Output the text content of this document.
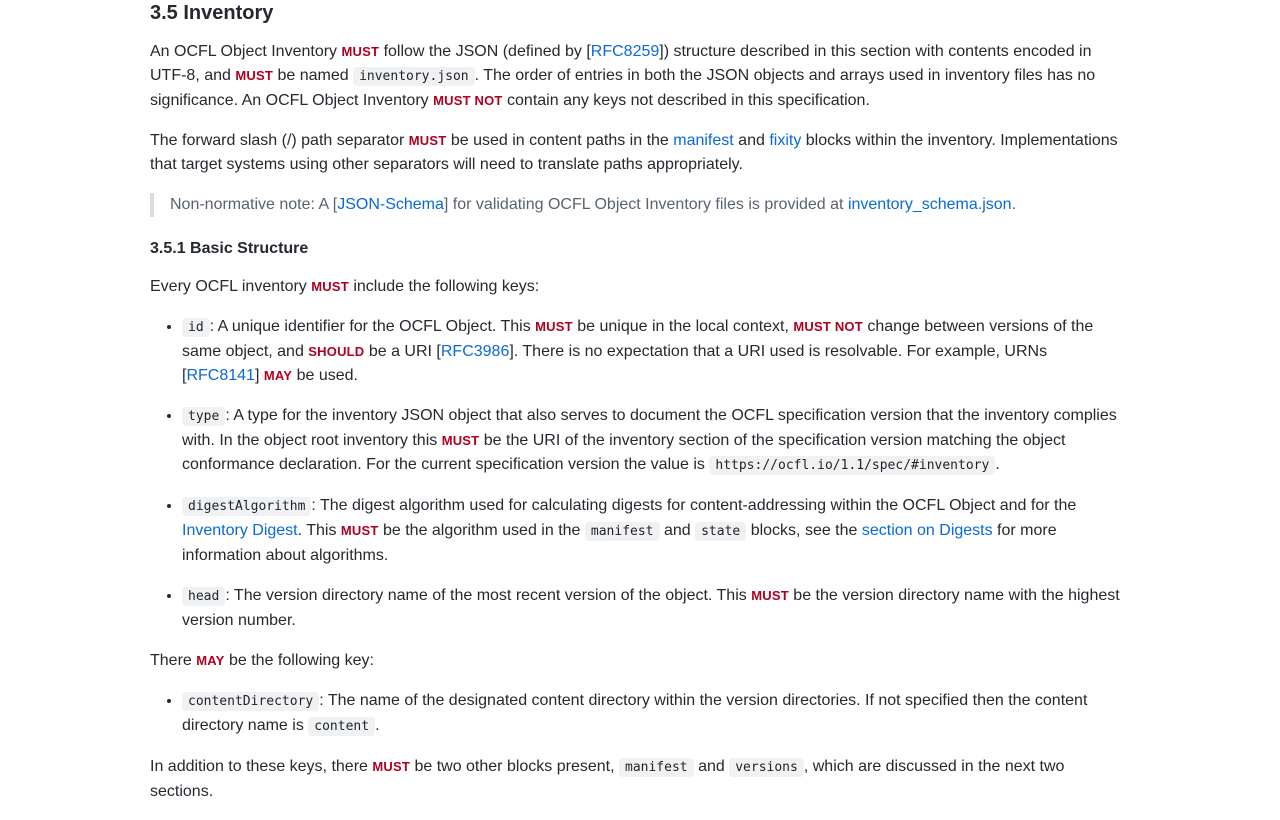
3.5 Inventory

An OCFL Object Inventory MUST follow the JSON (defined by [RFC8259]) structure described in this section with contents encoded in UTF-8, and MUST be named inventory.json . The order of entries in both the JSON objects and arrays used in inventory files has no significance. An OCFL Object Inventory MUST NOT contain any keys not described in this specification.

The forward slash (/) path separator MUST be used in content paths in the manifest and fixity blocks within the inventory. Implementations that target systems using other separators will need to translate paths appropriately.

Non-normative note: A [JSON-Schema] for validating OCFL Object Inventory files is provided at inventory_schema.json.
3.5.1 Basic Structure

Every OCFL inventory MUST include the following keys:

• id : A unique identifier for the OCFL Object. This MUST be unique in the local context, MUST NOT change between versions of the same object, and SHOULD be a URI [RFC3986]. There is no expectation that a URI used is resolvable. For example, URNs [RFC8141] MAY be used.
• type : A type for the inventory JSON object that also serves to document the OCFL specification version that the inventory complies with. In the object root inventory this MUST be the URI of the inventory section of the specification version matching the object conformance declaration. For the current specification version the value is https://ocfl.io/1.1/spec/#inventory .
• digestAlgorithm : The digest algorithm used for calculating digests for content-addressing within the OCFL Object and for the Inventory Digest. This MUST be the algorithm used in the manifest and state blocks, see the section on Digests for more information about algorithms.
• head : The version directory name of the most recent version of the object. This MUST be the version directory name with the highest version number.

There MAY be the following key:

• contentDirectory : The name of the designated content directory within the version directories. If not specified then the content directory name is content .

In addition to these keys, there MUST be two other blocks present, manifest and versions , which are discussed in the next two sections.
